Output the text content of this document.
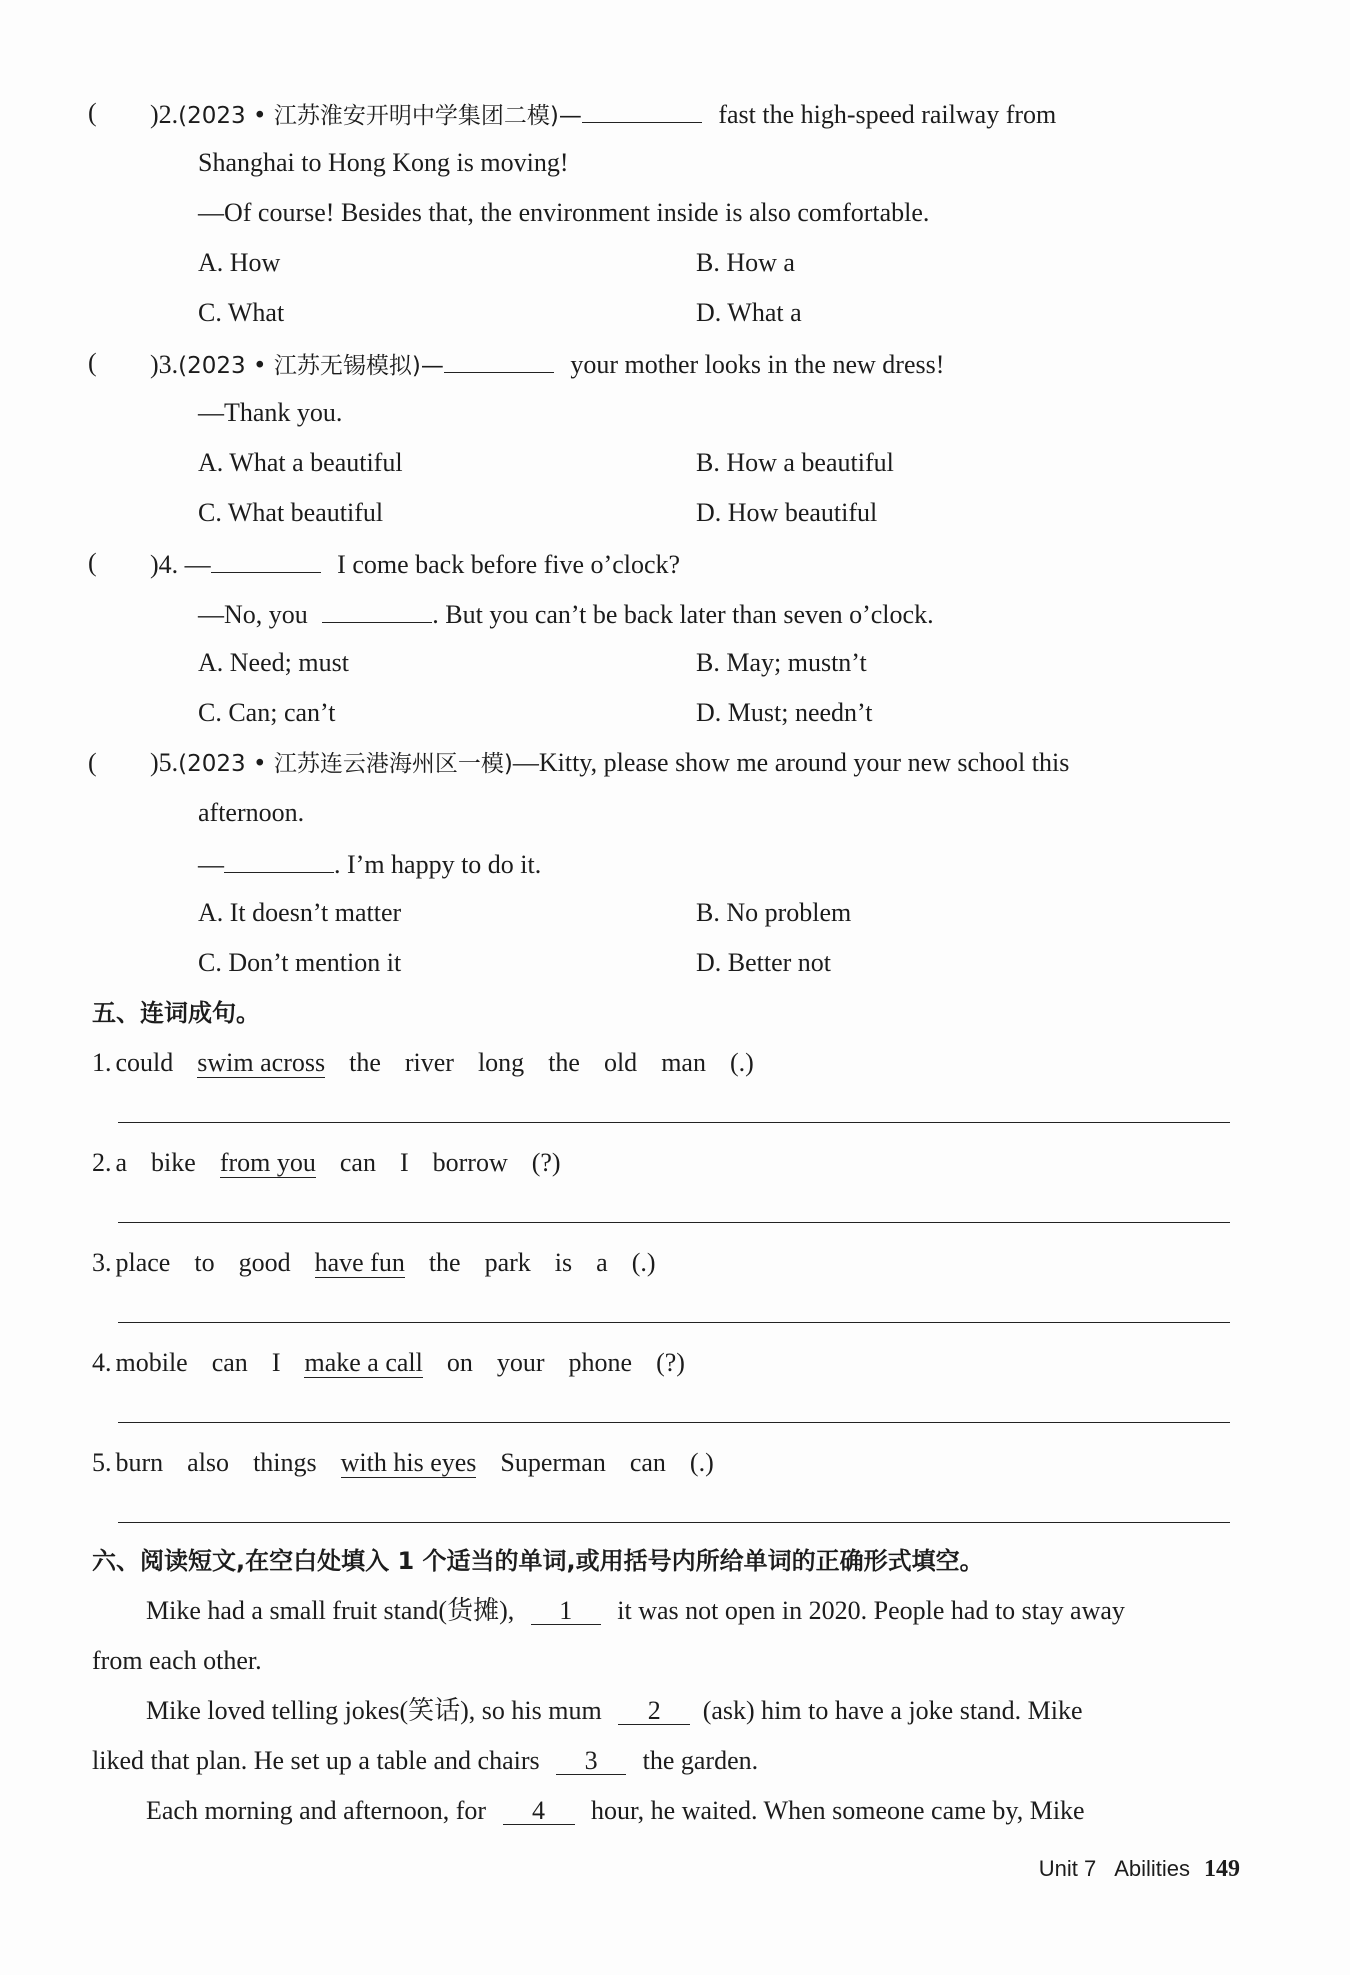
( )2.(2023 • 江苏淮安开明中学集团二模)—	fast the high-speed railway from
Shanghai to Hong Kong is moving!
—Of course! Besides that, the environment inside is also comfortable.
A. How	B. How a
C. What	D. What a
( )3.(2023 • 江苏无锡模拟)—	your mother looks in the new dress!
—Thank you.
A. What a beautiful	B. How a beautiful
C. What beautiful	D. How beautiful
( )4. —	I come back before five o’clock?
—No, you	. But you can’t be back later than seven o’clock.
A. Need; must	B. May; mustn’t
C. Can; can’t	D. Must; needn’t
( )5.(2023 • 江苏连云港海州区一模)—Kitty, please show me around your new school this
afternoon.
—	. I’m happy to do it.
A. It doesn’t matter	B. No problem
C. Don’t mention it	D. Better not
五、连词成句。
1. could swim across the river long the old man (.)
2. a bike from you can I borrow (?)
3. place to good have fun the park is a (.)
4. mobile can I make a call on your phone (?)
5. burn also things with his eyes Superman can (.)
六、阅读短文,在空白处填入 1 个适当的单词,或用括号内所给单词的正确形式填空。
Mike had a small fruit stand(货摊), 1 it was not open in 2020. People had to stay away
from each other.
Mike loved telling jokes(笑话), so his mum 2 (ask) him to have a joke stand. Mike
liked that plan. He set up a table and chairs 3 the garden.
Each morning and afternoon, for 4 hour, he waited. When someone came by, Mike
Unit 7 Abilities 149
